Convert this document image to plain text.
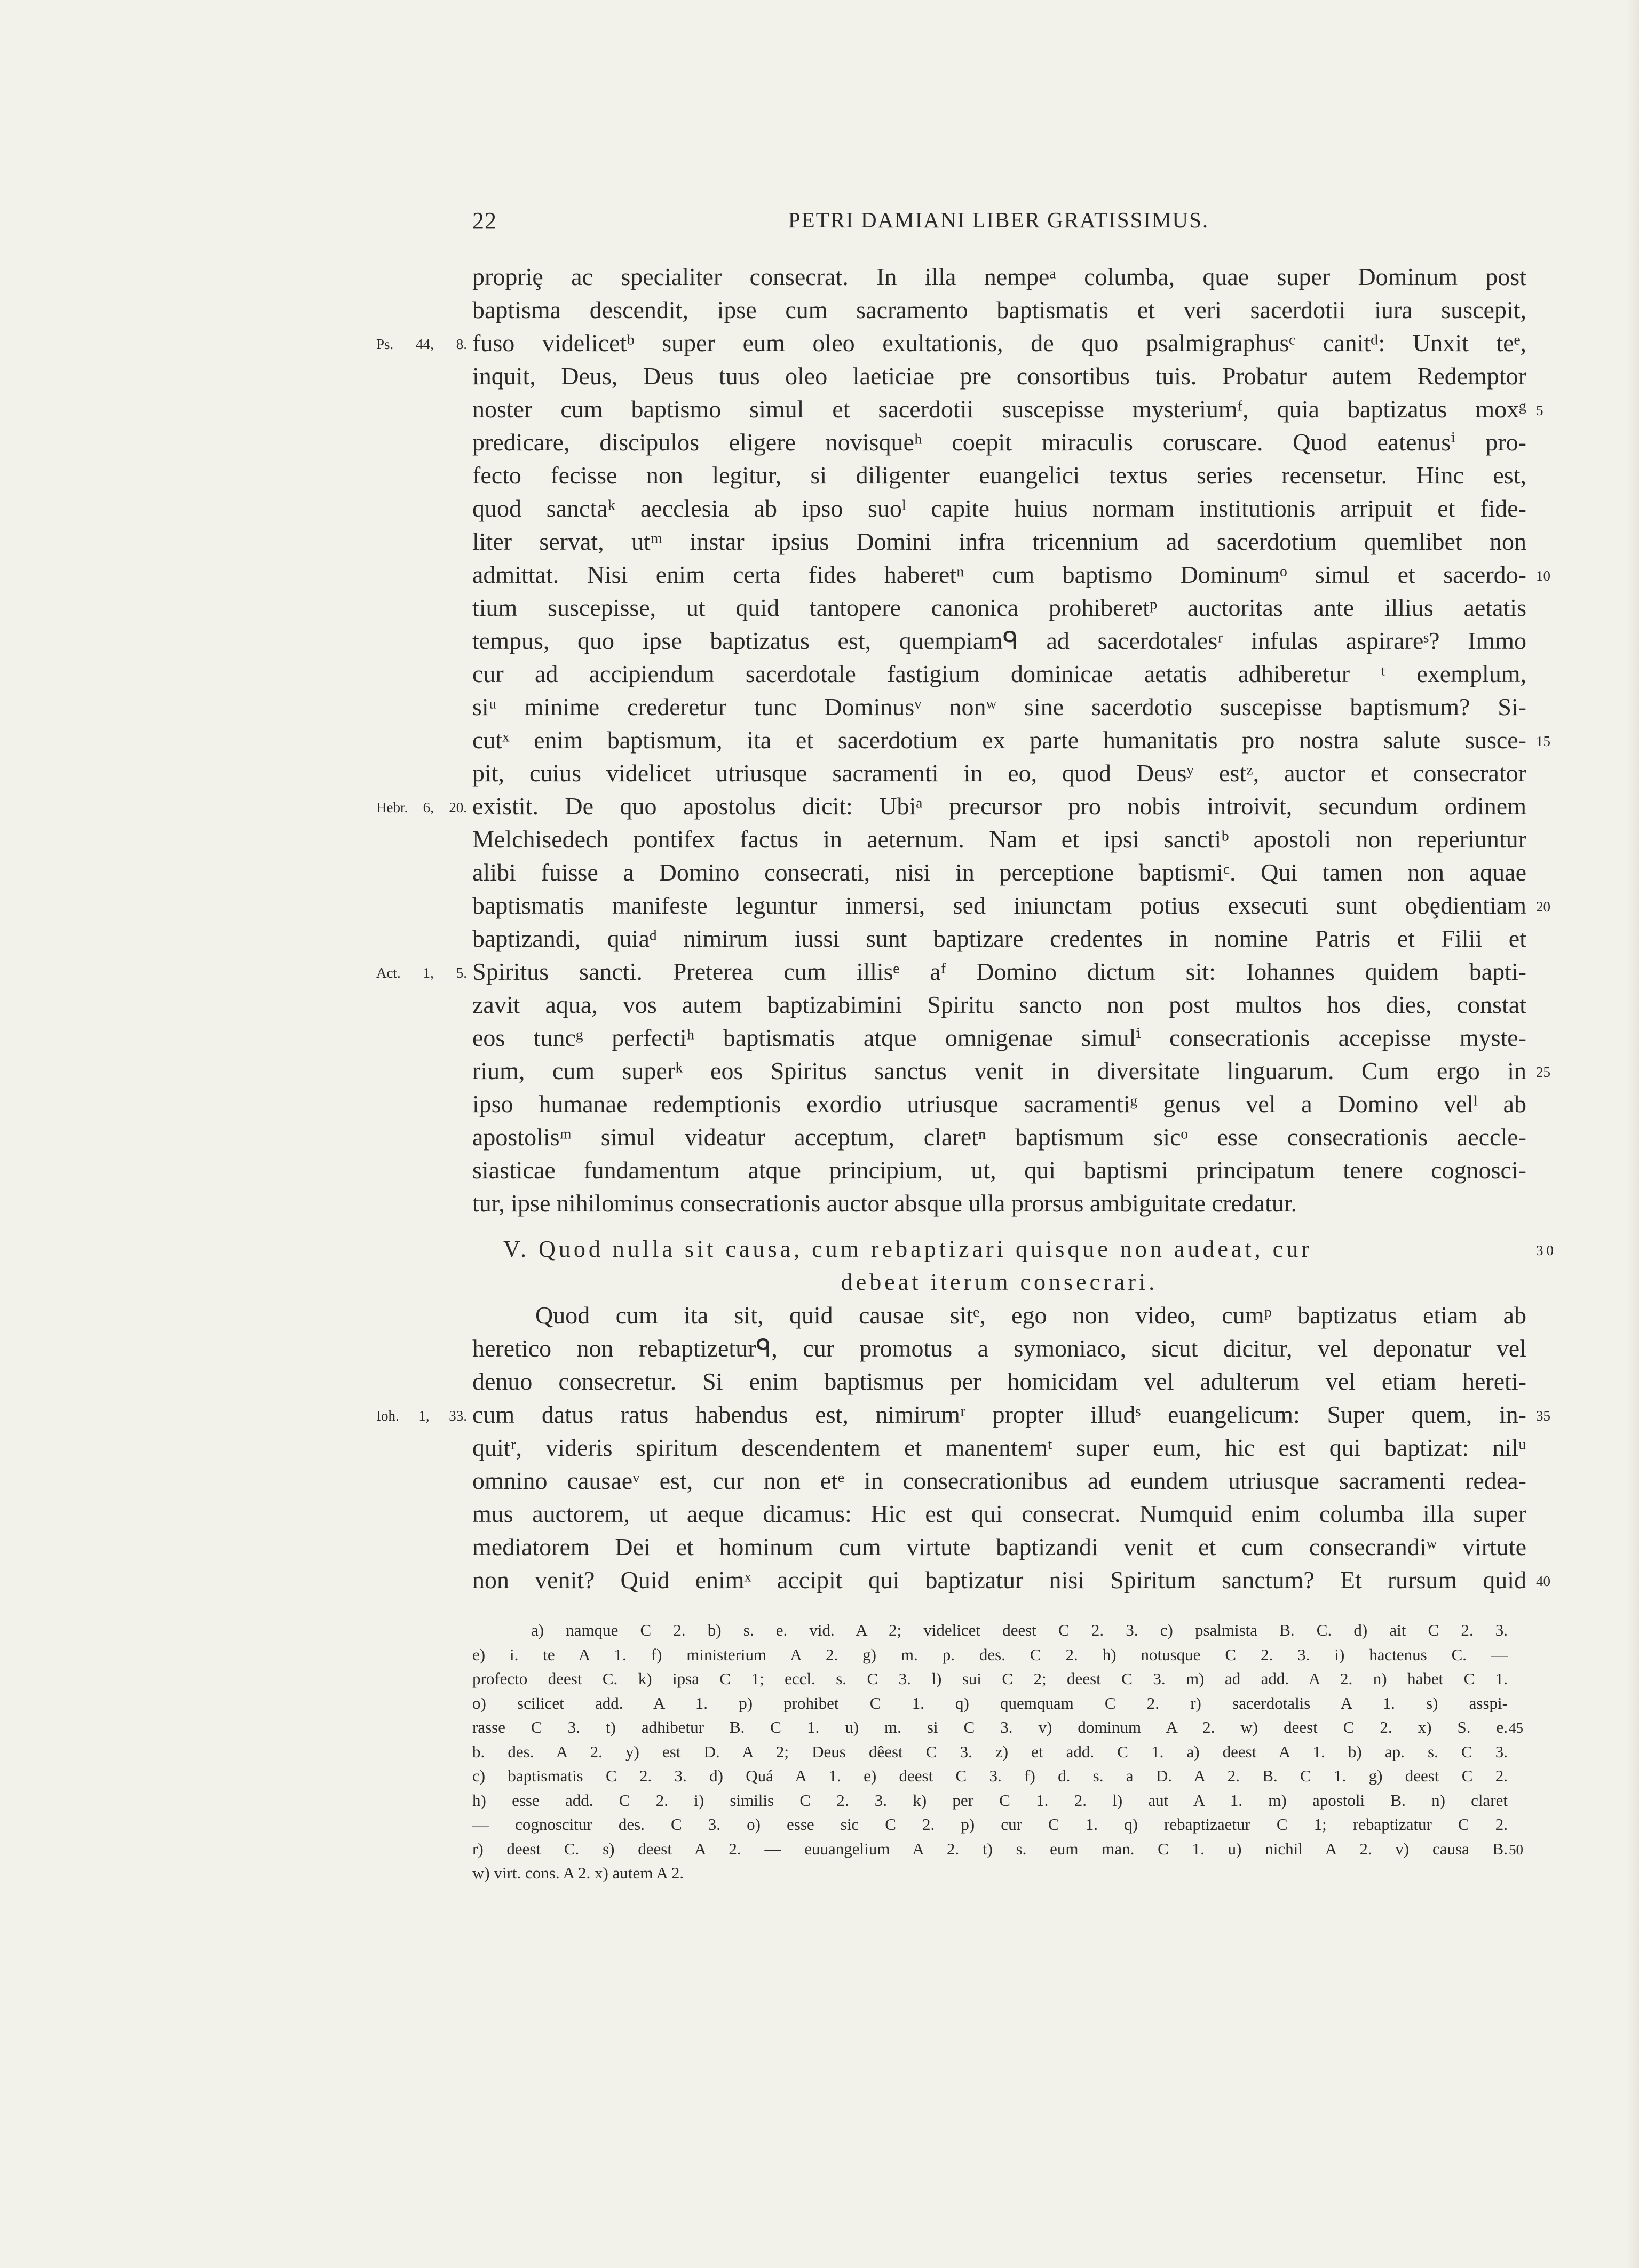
22	PETRI DAMIANI LIBER GRATISSIMUS.
propriȩ ac specialiter consecrat. In illa nempeᵃ columba, quae super Dominum post
baptisma descendit, ipse cum sacramento baptismatis et veri sacerdotii iura suscepit,
fuso videlicetᵇ super eum oleo exultationis, de quo psalmigraphusᶜ canitᵈ: Unxit teᵉ,
Ps. 44, 8.
inquit, Deus, Deus tuus oleo laeticiae pre consortibus tuis. Probatur autem Redemptor
noster cum baptismo simul et sacerdotii suscepisse mysteriumᶠ, quia baptizatus moxᵍ 5
predicare, discipulos eligere novisqueʰ coepit miraculis coruscare. Quod eatenusⁱ pro-
fecto fecisse non legitur, si diligenter euangelici textus series recensetur. Hinc est,
quod sanctaᵏ aecclesia ab ipso suoˡ capite huius normam institutionis arripuit et fide-
liter servat, utᵐ instar ipsius Domini infra tricennium ad sacerdotium quemlibet non
admittat. Nisi enim certa fides haberetⁿ cum baptismo Dominumᵒ simul et sacerdo- 10
tium suscepisse, ut quid tantopere canonica prohiberetᵖ auctoritas ante illius aetatis
tempus, quo ipse baptizatus est, quempiamᑫ ad sacerdotalesʳ infulas aspirareˢ? Immo
cur ad accipiendum sacerdotale fastigium dominicae aetatis adhiberetur ᵗ exemplum,
siᵘ minime crederetur tunc Dominusᵛ nonʷ sine sacerdotio suscepisse baptismum? Si-
cutˣ enim baptismum, ita et sacerdotium ex parte humanitatis pro nostra salute susce- 15
pit, cuius videlicet utriusque sacramenti in eo, quod Deusʸ estᶻ, auctor et consecrator
existit. De quo apostolus dicit: Ubiᵃ precursor pro nobis introivit, secundum ordinem
Hebr. 6, 20.
Melchisedech pontifex factus in aeternum. Nam et ipsi sanctiᵇ apostoli non reperiuntur
alibi fuisse a Domino consecrati, nisi in perceptione baptismiᶜ. Qui tamen non aquae
baptismatis manifeste leguntur inmersi, sed iniunctam potius exsecuti sunt obȩdientiam 20
baptizandi, quiaᵈ nimirum iussi sunt baptizare credentes in nomine Patris et Filii et
Spiritus sancti. Preterea cum illisᵉ aᶠ Domino dictum sit: Iohannes quidem bapti-
Act. 1, 5.
zavit aqua, vos autem baptizabimini Spiritu sancto non post multos hos dies, constat
eos tuncᵍ perfectiʰ baptismatis atque omnigenae simulⁱ consecrationis accepisse myste-
rium, cum superᵏ eos Spiritus sanctus venit in diversitate linguarum. Cum ergo in 25
ipso humanae redemptionis exordio utriusque sacramentiᵍ genus vel a Domino velˡ ab
apostolisᵐ simul videatur acceptum, claretⁿ baptismum sicᵒ esse consecrationis aeccle-
siasticae fundamentum atque principium, ut, qui baptismi principatum tenere cognosci-
tur, ipse nihilominus consecrationis auctor absque ulla prorsus ambiguitate credatur.
V. Quod nulla sit causa, cum rebaptizari quisque non audeat, cur	30
debeat iterum consecrari.
Quod cum ita sit, quid causae sitᵉ, ego non video, cumᵖ baptizatus etiam ab
heretico non rebaptizeturᑫ, cur promotus a symoniaco, sicut dicitur, vel deponatur vel
denuo consecretur. Si enim baptismus per homicidam vel adulterum vel etiam hereti-
cum datus ratus habendus est, nimirumʳ propter illudˢ euangelicum: Super quem, in-
Ioh. 1, 33.	35
quitʳ, videris spiritum descendentem et manentemᵗ super eum, hic est qui baptizat: nilᵘ
omnino causaeᵛ est, cur non etᵉ in consecrationibus ad eundem utriusque sacramenti redea-
mus auctorem, ut aeque dicamus: Hic est qui consecrat. Numquid enim columba illa super
mediatorem Dei et hominum cum virtute baptizandi venit et cum consecrandiʷ virtute
non venit? Quid enimˣ accipit qui baptizatur nisi Spiritum sanctum? Et rursum quid 40
a) namque C 2. b) s. e. vid. A 2; videlicet deest C 2. 3. c) psalmista B. C. d) ait C 2. 3.
e) i. te A 1. f) ministerium A 2. g) m. p. des. C 2. h) notusque C 2. 3. i) hactenus C. —
profecto deest C. k) ipsa C 1; eccl. s. C 3. l) sui C 2; deest C 3. m) ad add. A 2. n) habet C 1.
o) scilicet add. A 1. p) prohibet C 1. q) quemquam C 2. r) sacerdotalis A 1. s) asspi-
rasse C 3. t) adhibetur B. C 1. u) m. si C 3. v) dominum A 2. w) deest C 2. x) S. e. 45
b. des. A 2. y) est D. A 2; Deus dêest C 3. z) et add. C 1. a) deest A 1. b) ap. s. C 3.
c) baptismatis C 2. 3. d) Quá A 1. e) deest C 3. f) d. s. a D. A 2. B. C 1. g) deest C 2.
h) esse add. C 2. i) similis C 2. 3. k) per C 1. 2. l) aut A 1. m) apostoli B. n) claret
— cognoscitur des. C 3. o) esse sic C 2. p) cur C 1. q) rebaptizaetur C 1; rebaptizatur C 2.
r) deest C. s) deest A 2. — euuangelium A 2. t) s. eum man. C 1. u) nichil A 2. v) causa B. 50
w) virt. cons. A 2. x) autem A 2.
